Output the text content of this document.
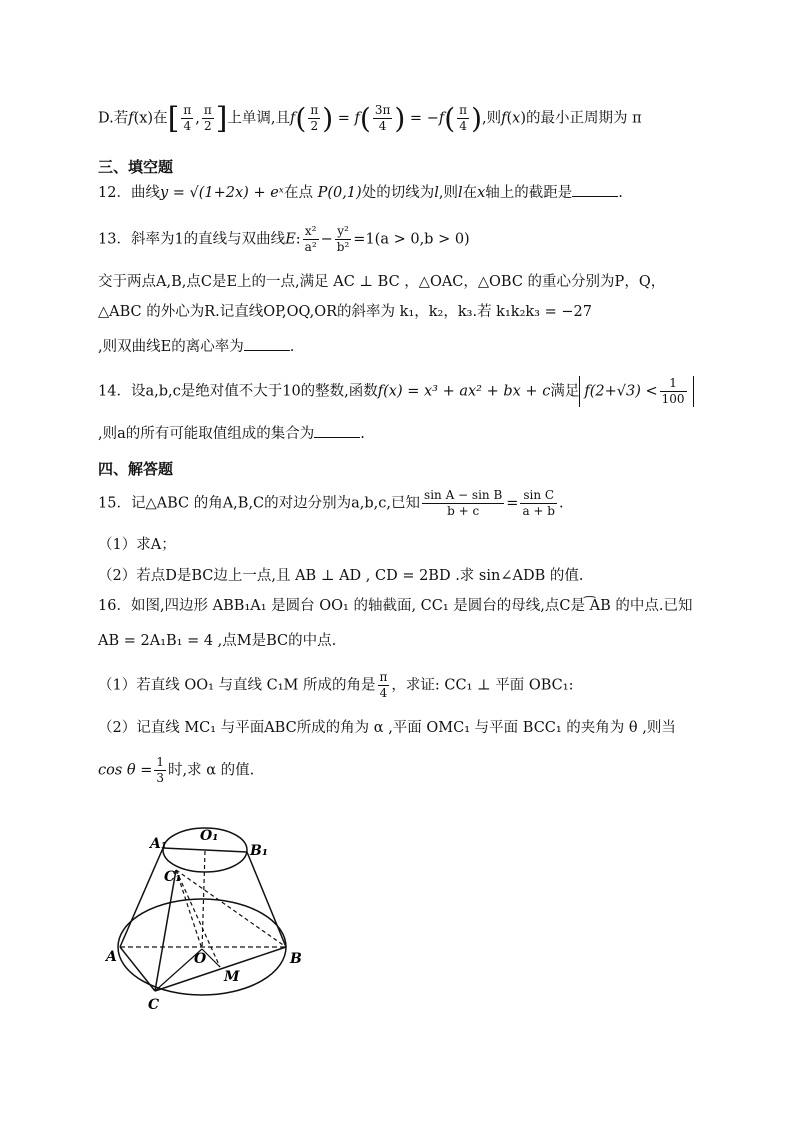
D.若f(x)在[ $\frac{\pi}{4}$ , $\frac{\pi}{2}$ ]上单调,且$f( \frac{\pi}{2}$ ) = $f( \frac{3\pi}{4}$ ) = $-f( \frac{\pi}{4}$ ),则f(x)的最小正周期为 π
三、填空题
12．曲线y = √(1+2x) + eˣ在点 P(0,1)处的切线为l,则l在x轴上的截距是	.
13．斜率为1的直线与双曲线E: $\frac{\text{x²}}{\text{a²}} - \frac{\text{y²}}{\text{b²}} =1(a > 0,b > 0)$
交于两点A,B,点C是E上的一点,满足 AC ⊥ BC ，△OAC，△OBC 的重心分别为P，Q，
△ABC 的外心为R.记直线OP,OQ,OR的斜率为 k₁，k₂，k₃.若 k₁k₂k₃ = −27
,则双曲线E的离心率为	.
14．设a,b,c是绝对值不大于10的整数,函数f(x) = x³ + ax² + bx + c满足 $f(2+√3) < \frac{1}{100}$
,则a的所有可能取值组成的集合为	.
四、解答题
15．记△ABC 的角A,B,C的对边分别为a,b,c,已知 $\frac{\text{sin A − sin B}}{b + c} = \frac{\text{sin C}}{a + b}$ .
（1）求A；
（2）若点D是BC边上一点,且 AB ⊥ AD , CD = 2BD .求 sin∠ADB 的值.
16．如图,四边形 ABB₁A₁ 是圆台 OO₁ 的轴截面, CC₁ 是圆台的母线,点C是 ͡AB 的中点.已知
AB = 2A₁B₁ = 4 ,点M是BC的中点.
（1）若直线 OO₁ 与直线 C₁M 所成的角是 $\frac{\pi}{4}$ ，求证: CC₁ ⊥ 平面 OBC₁:
（2）记直线 MC₁ 与平面ABC所成的角为 α ,平面 OMC₁ 与平面 BCC₁ 的夹角为 θ ,则当
$\cos \theta = \frac{1}{3}$ 时,求 α 的值.
A₁ O₁
B₁
C₁
A	O
M
B
C
